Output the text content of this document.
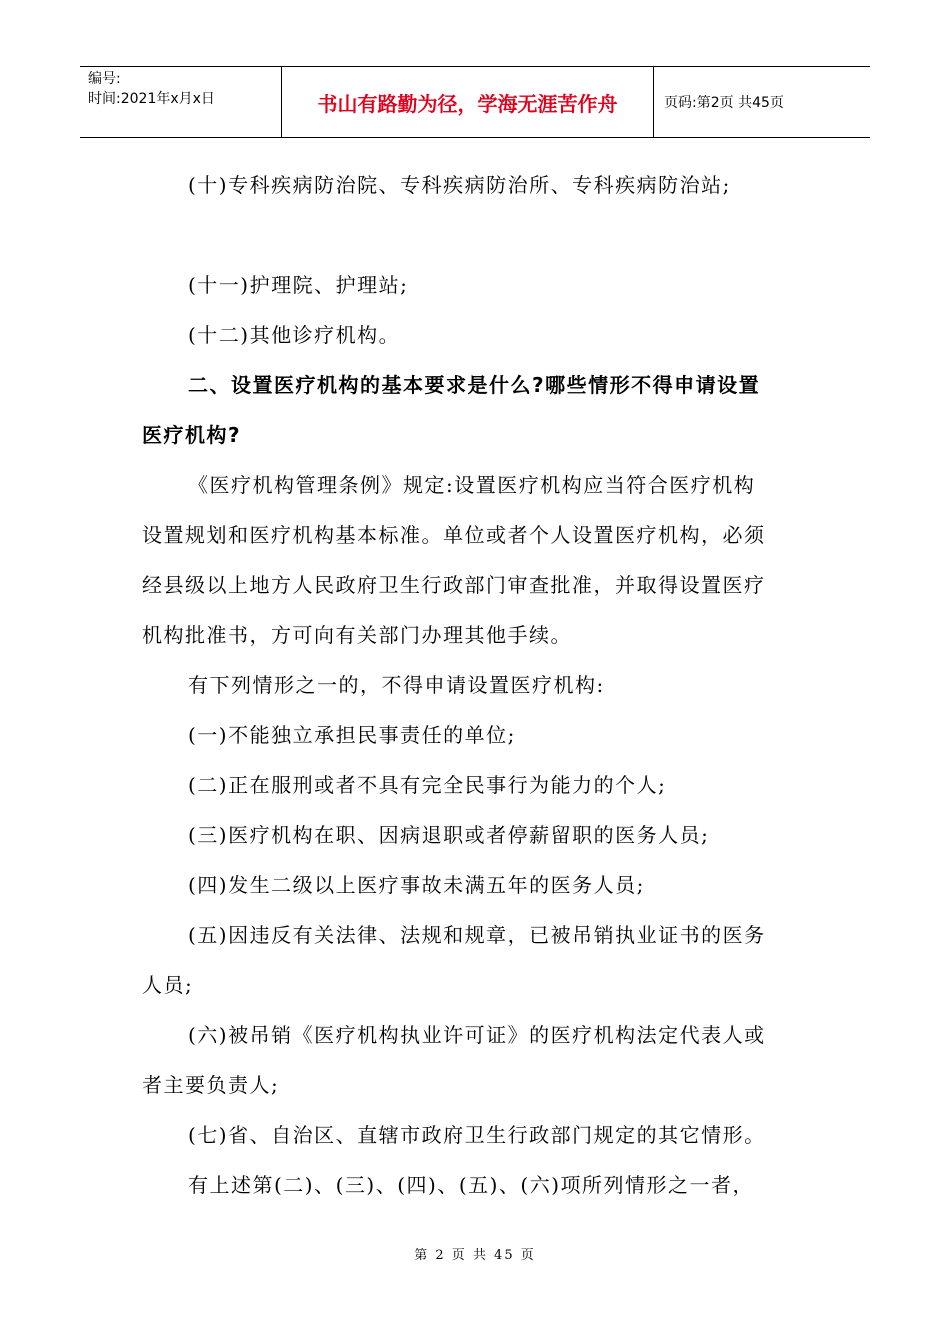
编号:
时间:2021年x月x日	书山有路勤为径，学海无涯苦作舟	页码:第2页 共45页
(十)专科疾病防治院、专科疾病防治所、专科疾病防治站;
(十一)护理院、护理站;
(十二)其他诊疗机构。
二、设置医疗机构的基本要求是什么?哪些情形不得申请设置
医疗机构?
《医疗机构管理条例》规定:设置医疗机构应当符合医疗机构
设置规划和医疗机构基本标准。单位或者个人设置医疗机构，必须
经县级以上地方人民政府卫生行政部门审查批准，并取得设置医疗
机构批准书，方可向有关部门办理其他手续。
有下列情形之一的，不得申请设置医疗机构:
(一)不能独立承担民事责任的单位;
(二)正在服刑或者不具有完全民事行为能力的个人;
(三)医疗机构在职、因病退职或者停薪留职的医务人员;
(四)发生二级以上医疗事故未满五年的医务人员;
(五)因违反有关法律、法规和规章，已被吊销执业证书的医务
人员;
(六)被吊销《医疗机构执业许可证》的医疗机构法定代表人或
者主要负责人;
(七)省、自治区、直辖市政府卫生行政部门规定的其它情形。
有上述第(二)、(三)、(四)、(五)、(六)项所列情形之一者，
第 2 页 共 45 页
